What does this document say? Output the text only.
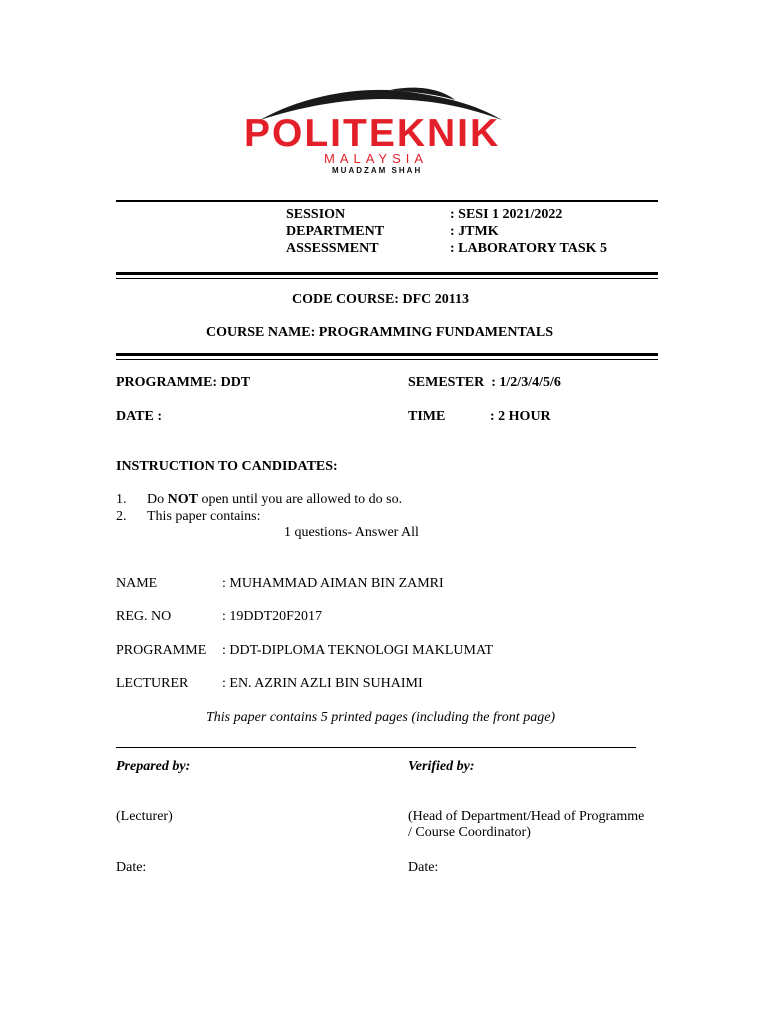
POLITEKNIK
MALAYSIA
MUADZAM SHAH
SESSION	: SESI 1 2021/2022
DEPARTMENT	: JTMK
ASSESSMENT	: LABORATORY TASK 5
CODE COURSE: DFC 20113
COURSE NAME: PROGRAMMING FUNDAMENTALS
PROGRAMME: DDT	SEMESTER  : 1/2/3/4/5/6
DATE :	TIME	: 2 HOUR
INSTRUCTION TO CANDIDATES:
1. Do NOT open until you are allowed to do so.
2. This paper contains:
1 questions- Answer All
NAME	: MUHAMMAD AIMAN BIN ZAMRI
REG. NO	: 19DDT20F2017
PROGRAMME : DDT-DIPLOMA TEKNOLOGI MAKLUMAT
LECTURER : EN. AZRIN AZLI BIN SUHAIMI
This paper contains 5 printed pages (including the front page)
Prepared by:	Verified by:
(Lecturer)	(Head of Department/Head of Programme
/ Course Coordinator)
Date:	Date:
